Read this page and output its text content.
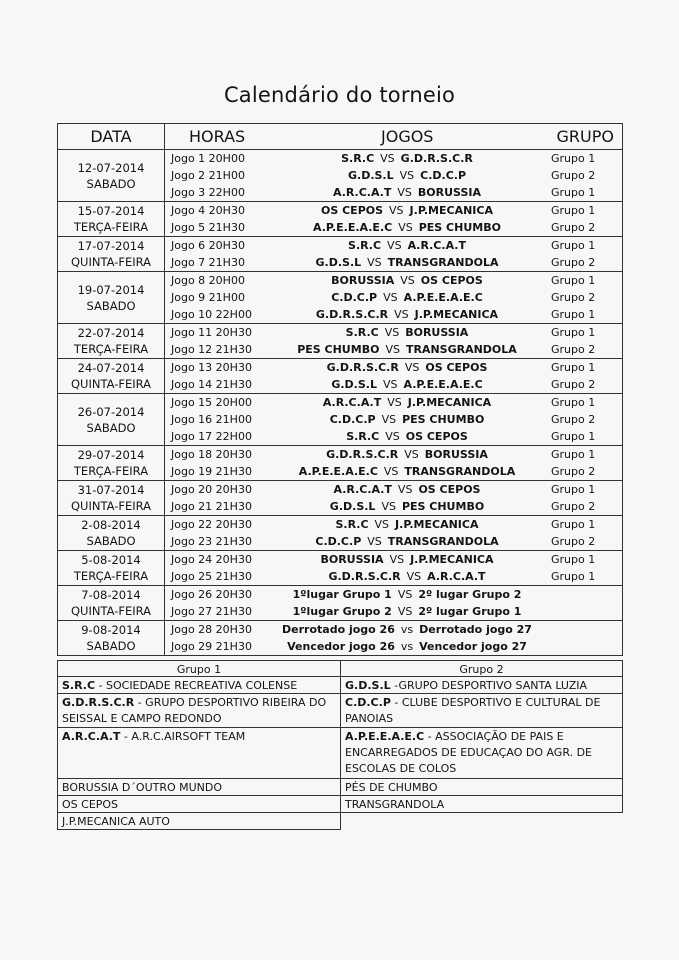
Calendário do torneio
DATA	HORAS	JOGOS	GRUPO
12-07-2014
SABADO
Jogo 1 20H00	S.R.C VS G.D.R.S.C.R	Grupo 1
Jogo 2 21H00	G.D.S.L VS C.D.C.P	Grupo 2
Jogo 3 22H00	A.R.C.A.T VS BORUSSIA	Grupo 1
15-07-2014
TERÇA-FEIRA
Jogo 4 20H30	OS CEPOS VS J.P.MECANICA	Grupo 1
Jogo 5 21H30	A.P.E.E.A.E.C VS PES CHUMBO	Grupo 2
17-07-2014
QUINTA-FEIRA
Jogo 6 20H30	S.R.C VS A.R.C.A.T	Grupo 1
Jogo 7 21H30	G.D.S.L VS TRANSGRANDOLA	Grupo 2
19-07-2014
SABADO
Jogo 8 20H00	BORUSSIA VS OS CEPOS	Grupo 1
Jogo 9 21H00	C.D.C.P VS A.P.E.E.A.E.C	Grupo 2
Jogo 10 22H00	G.D.R.S.C.R VS J.P.MECANICA	Grupo 1
22-07-2014
TERÇA-FEIRA
Jogo 11 20H30	S.R.C VS BORUSSIA	Grupo 1
Jogo 12 21H30	PES CHUMBO VS TRANSGRANDOLA	Grupo 2
24-07-2014
QUINTA-FEIRA
Jogo 13 20H30	G.D.R.S.C.R VS OS CEPOS	Grupo 1
Jogo 14 21H30	G.D.S.L VS A.P.E.E.A.E.C	Grupo 2
26-07-2014
SABADO
Jogo 15 20H00	A.R.C.A.T VS J.P.MECANICA	Grupo 1
Jogo 16 21H00	C.D.C.P VS PES CHUMBO	Grupo 2
Jogo 17 22H00	S.R.C VS OS CEPOS	Grupo 1
29-07-2014
TERÇA-FEIRA
Jogo 18 20H30	G.D.R.S.C.R VS BORUSSIA	Grupo 1
Jogo 19 21H30	A.P.E.E.A.E.C VS TRANSGRANDOLA	Grupo 2
31-07-2014
QUINTA-FEIRA
Jogo 20 20H30	A.R.C.A.T VS OS CEPOS	Grupo 1
Jogo 21 21H30	G.D.S.L VS PES CHUMBO	Grupo 2
2-08-2014
SABADO
Jogo 22 20H30	S.R.C VS J.P.MECANICA	Grupo 1
Jogo 23 21H30	C.D.C.P VS TRANSGRANDOLA	Grupo 2
5-08-2014
TERÇA-FEIRA
Jogo 24 20H30	BORUSSIA VS J.P.MECANICA	Grupo 1
Jogo 25 21H30	G.D.R.S.C.R VS A.R.C.A.T	Grupo 1
7-08-2014
QUINTA-FEIRA
Jogo 26 20H30	1ºlugar Grupo 1 VS 2º lugar Grupo 2
Jogo 27 21H30	1ºlugar Grupo 2 VS 2º lugar Grupo 1
9-08-2014
SABADO
Jogo 28 20H30	Derrotado jogo 26 vs Derrotado jogo 27
Jogo 29 21H30	Vencedor jogo 26 vs Vencedor jogo 27
Grupo 1
S.R.C - SOCIEDADE RECREATIVA COLENSE
G.D.R.S.C.R - GRUPO DESPORTIVO RIBEIRA DO SEISSAL E CAMPO REDONDO
A.R.C.A.T - A.R.C.AIRSOFT TEAM
BORUSSIA D´OUTRO MUNDO
OS CEPOS
J.P.MECANICA AUTO
Grupo 2
G.D.S.L -GRUPO DESPORTIVO SANTA LUZIA
C.D.C.P - CLUBE DESPORTIVO E CULTURAL DE PANOIAS
A.P.E.E.A.E.C - ASSOCIAÇÃO DE PAIS E ENCARREGADOS DE EDUCAÇAO DO AGR. DE ESCOLAS DE COLOS
PÉS DE CHUMBO
TRANSGRANDOLA
